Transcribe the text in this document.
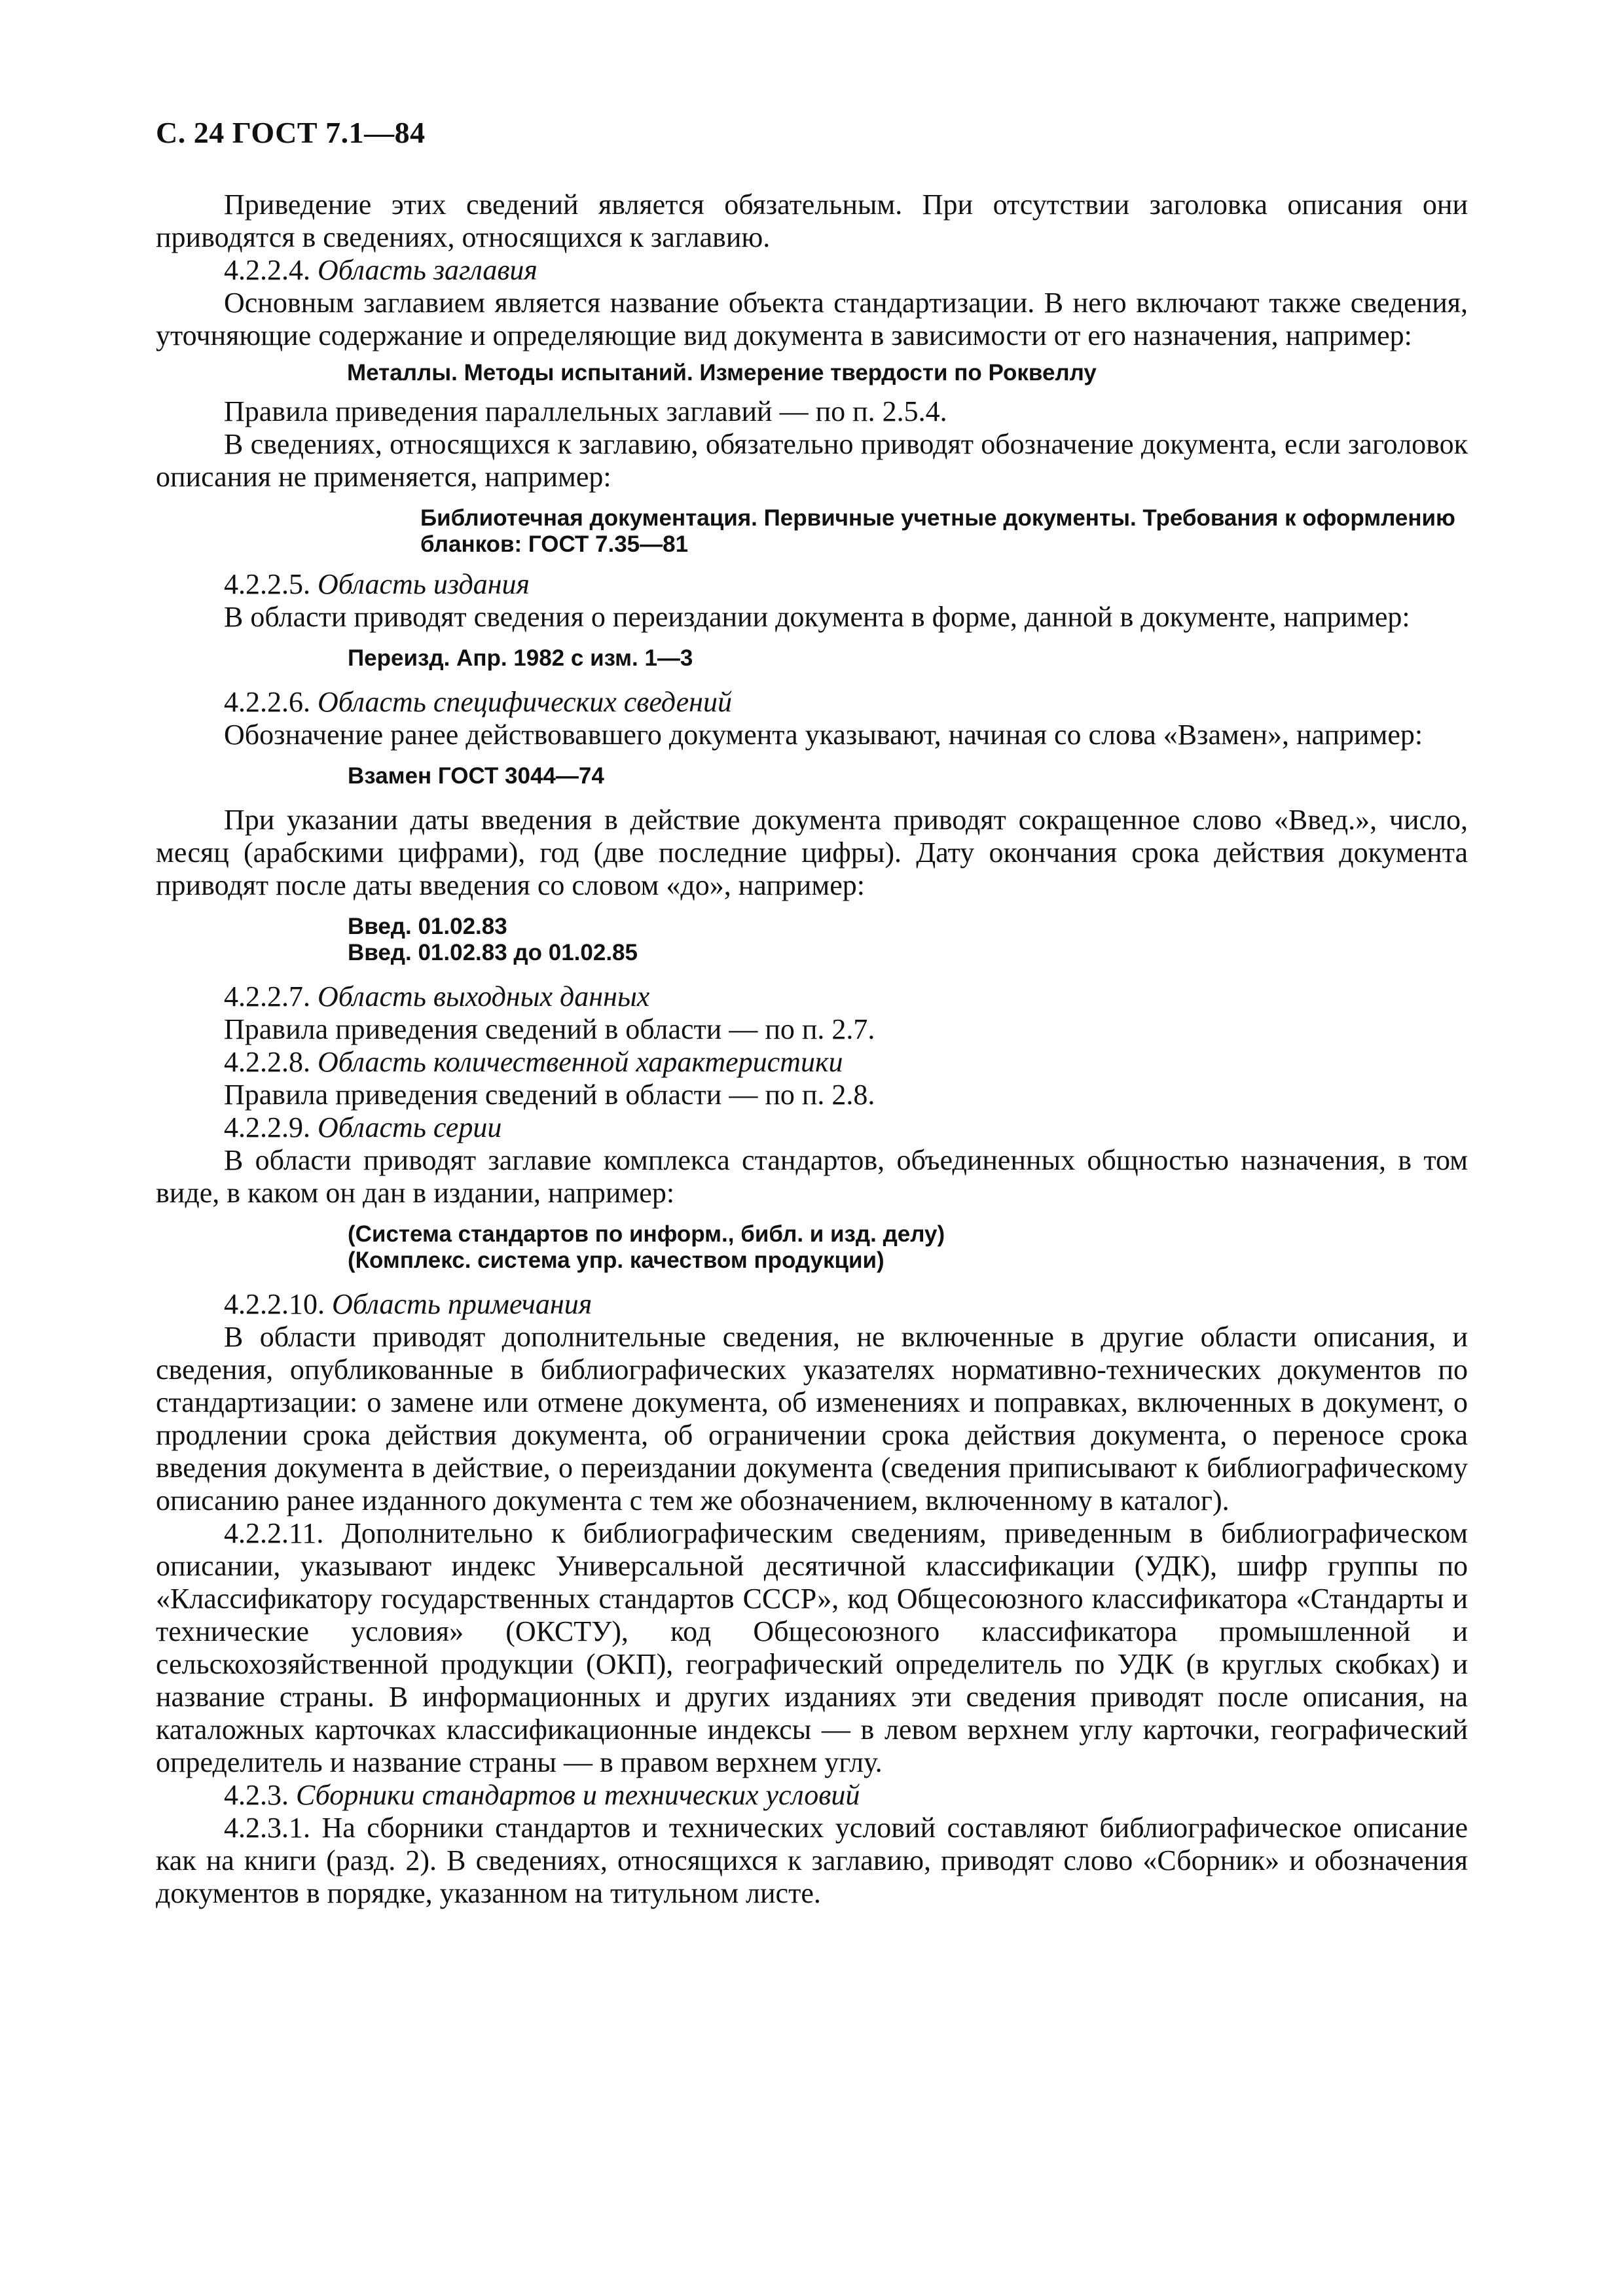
С. 24 ГОСТ 7.1—84

Приведение этих сведений является обязательным. При отсутствии заголовка описания они приводятся в сведениях, относящихся к заглавию.

4.2.2.4. Область заглавия

Основным заглавием является название объекта стандартизации. В него включают также сведения, уточняющие содержание и определяющие вид документа в зависимости от его назначения, например:

Металлы. Методы испытаний. Измерение твердости по Роквеллу

Правила приведения параллельных заглавий — по п. 2.5.4.

В сведениях, относящихся к заглавию, обязательно приводят обозначение документа, если заголовок описания не применяется, например:

Библиотечная документация. Первичные учетные документы. Требования к оформлению бланков: ГОСТ 7.35—81

4.2.2.5. Область издания

В области приводят сведения о переиздании документа в форме, данной в документе, например:

Переизд. Апр. 1982 с изм. 1—3

4.2.2.6. Область специфических сведений

Обозначение ранее действовавшего документа указывают, начиная со слова «Взамен», например:

Взамен ГОСТ 3044—74

При указании даты введения в действие документа приводят сокращенное слово «Введ.», число, месяц (арабскими цифрами), год (две последние цифры). Дату окончания срока действия документа приводят после даты введения со словом «до», например:

Введ. 01.02.83
Введ. 01.02.83 до 01.02.85

4.2.2.7. Область выходных данных

Правила приведения сведений в области — по п. 2.7.

4.2.2.8. Область количественной характеристики

Правила приведения сведений в области — по п. 2.8.

4.2.2.9. Область серии

В области приводят заглавие комплекса стандартов, объединенных общностью назначения, в том виде, в каком он дан в издании, например:

(Система стандартов по информ., библ. и изд. делу)
(Комплекс. система упр. качеством продукции)

4.2.2.10. Область примечания

В области приводят дополнительные сведения, не включенные в другие области описания, и сведения, опубликованные в библиографических указателях нормативно-технических документов по стандартизации: о замене или отмене документа, об изменениях и поправках, включенных в документ, о продлении срока действия документа, об ограничении срока действия документа, о переносе срока введения документа в действие, о переиздании документа (сведения приписывают к библиографическому описанию ранее изданного документа с тем же обозначением, включенному в каталог).

4.2.2.11. Дополнительно к библиографическим сведениям, приведенным в библиографическом описании, указывают индекс Универсальной десятичной классификации (УДК), шифр группы по «Классификатору государственных стандартов СССР», код Общесоюзного классификатора «Стандарты и технические условия» (ОКСТУ), код Общесоюзного классификатора промышленной и сельскохозяйственной продукции (ОКП), географический определитель по УДК (в круглых скобках) и название страны. В информационных и других изданиях эти сведения приводят после описания, на каталожных карточках классификационные индексы — в левом верхнем углу карточки, географический определитель и название страны — в правом верхнем углу.

4.2.3. Сборники стандартов и технических условий

4.2.3.1. На сборники стандартов и технических условий составляют библиографическое описание как на книги (разд. 2). В сведениях, относящихся к заглавию, приводят слово «Сборник» и обозначения документов в порядке, указанном на титульном листе.
